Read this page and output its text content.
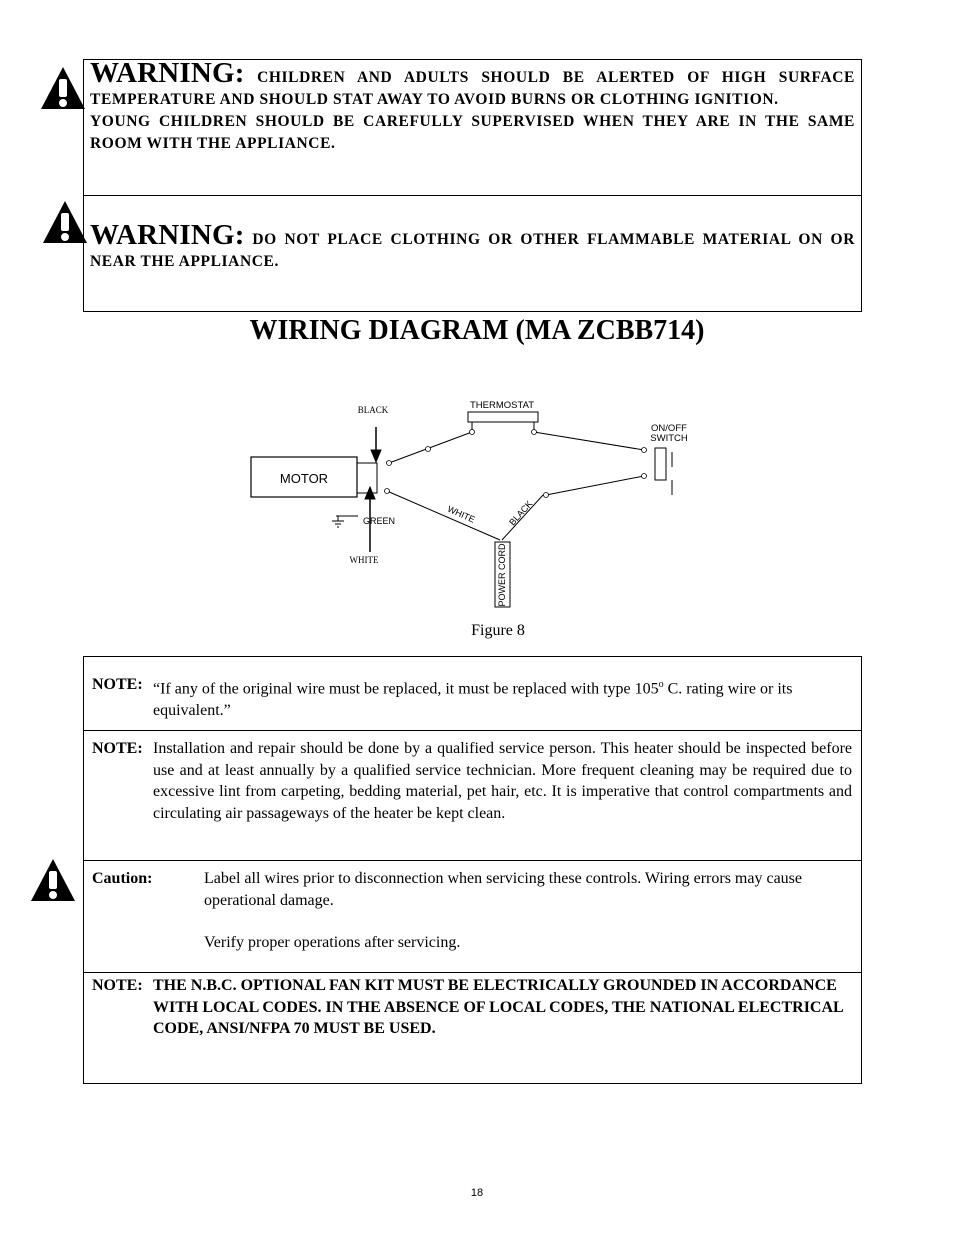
WARNING: CHILDREN AND ADULTS SHOULD BE ALERTED OF HIGH SURFACE TEMPERATURE AND SHOULD STAT AWAY TO AVOID BURNS OR CLOTHING IGNITION.
YOUNG CHILDREN SHOULD BE CAREFULLY SUPERVISED WHEN THEY ARE IN THE SAME ROOM WITH THE APPLIANCE.
WARNING: DO NOT PLACE CLOTHING OR OTHER FLAMMABLE MATERIAL ON OR NEAR THE APPLIANCE.
WIRING DIAGRAM (MA ZCBB714)
MOTOR
THERMOSTAT
ON/OFF
SWITCH
GREEN	WHITE	BLACK
POWER CORD
BLACK
WHITE
Figure 8
NOTE: “If any of the original wire must be replaced, it must be replaced with type 105$^o$ C. rating wire or its equivalent.”
NOTE: Installation and repair should be done by a qualified service person. This heater should be inspected before use and at least annually by a qualified service technician. More frequent cleaning may be required due to excessive lint from carpeting, bedding material, pet hair, etc. It is imperative that control compartments and circulating air passageways of the heater be kept clean.
Caution:	Label all wires prior to disconnection when servicing these controls. Wiring errors may cause operational damage.
Verify proper operations after servicing.
NOTE: THE N.B.C. OPTIONAL FAN KIT MUST BE ELECTRICALLY GROUNDED IN ACCORDANCE WITH LOCAL CODES. IN THE ABSENCE OF LOCAL CODES, THE NATIONAL ELECTRICAL CODE, ANSI/NFPA 70 MUST BE USED.
18
